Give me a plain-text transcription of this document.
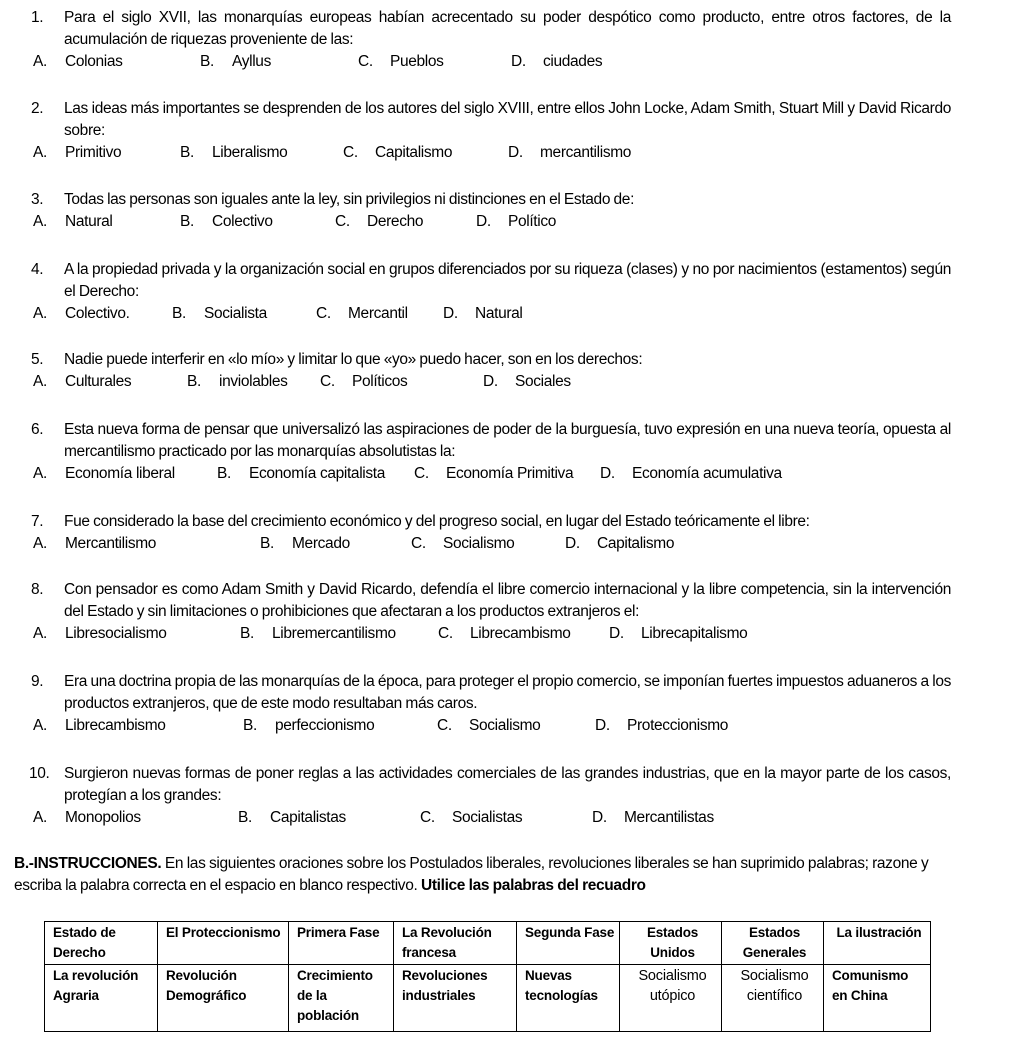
1. Para el siglo XVII, las monarquías europeas habían acrecentado su poder despótico como producto, entre otros factores, de la acumulación de riquezas proveniente de las:
A. Colonias	B. Ayllus	C. Pueblos	D. ciudades
2. Las ideas más importantes se desprenden de los autores del siglo XVIII, entre ellos John Locke, Adam Smith, Stuart Mill y David Ricardo sobre:
A. Primitivo	B. Liberalismo	C. Capitalismo	D. mercantilismo
3. Todas las personas son iguales ante la ley, sin privilegios ni distinciones en el Estado de:
A. Natural	B. Colectivo	C. Derecho	D. Político
4. A la propiedad privada y la organización social en grupos diferenciados por su riqueza (clases) y no por nacimientos (estamentos) según el Derecho:
A. Colectivo.	B. Socialista	C. Mercantil D. Natural
5. Nadie puede interferir en «lo mío» y limitar lo que «yo» puedo hacer, son en los derechos:
A. Culturales	B. inviolables C. Políticos	D. Sociales
6. Esta nueva forma de pensar que universalizó las aspiraciones de poder de la burguesía, tuvo expresión en una nueva teoría, opuesta al mercantilismo practicado por las monarquías absolutistas la:
A. Economía liberal	B. Economía capitalista C. Economía Primitiva D. Economía acumulativa
7. Fue considerado la base del crecimiento económico y del progreso social, en lugar del Estado teóricamente el libre:
A. Mercantilismo	B. Mercado	C. Socialismo	D. Capitalismo
8. Con pensador es como Adam Smith y David Ricardo, defendía el libre comercio internacional y la libre competencia, sin la intervención del Estado y sin limitaciones o prohibiciones que afectaran a los productos extranjeros el:
A. Libresocialismo	B. Libremercantilismo	C. Librecambismo D. Librecapitalismo
9. Era una doctrina propia de las monarquías de la época, para proteger el propio comercio, se imponían fuertes impuestos aduaneros a los productos extranjeros, que de este modo resultaban más caros.
A. Librecambismo	B. perfeccionismo	C. Socialismo	D. Proteccionismo
10. Surgieron nuevas formas de poner reglas a las actividades comerciales de las grandes industrias, que en la mayor parte de los casos, protegían a los grandes:
A. Monopolios	B. Capitalistas	C. Socialistas	D. Mercantilistas
B.-INSTRUCCIONES. En las siguientes oraciones sobre los Postulados liberales, revoluciones liberales se han suprimido palabras; razone y escriba la palabra correcta en el espacio en blanco respectivo. Utilice las palabras del recuadro
Estado de Derecho	El Proteccionismo	Primera Fase	La Revolución francesa	Segunda Fase	Estados Unidos	Estados Generales	La ilustración
La revolución Agraria	Revolución Demográfico	Crecimiento de la población	Revoluciones industriales	Nuevas tecnologías	Socialismo utópico	Socialismo científico	Comunismo en China
